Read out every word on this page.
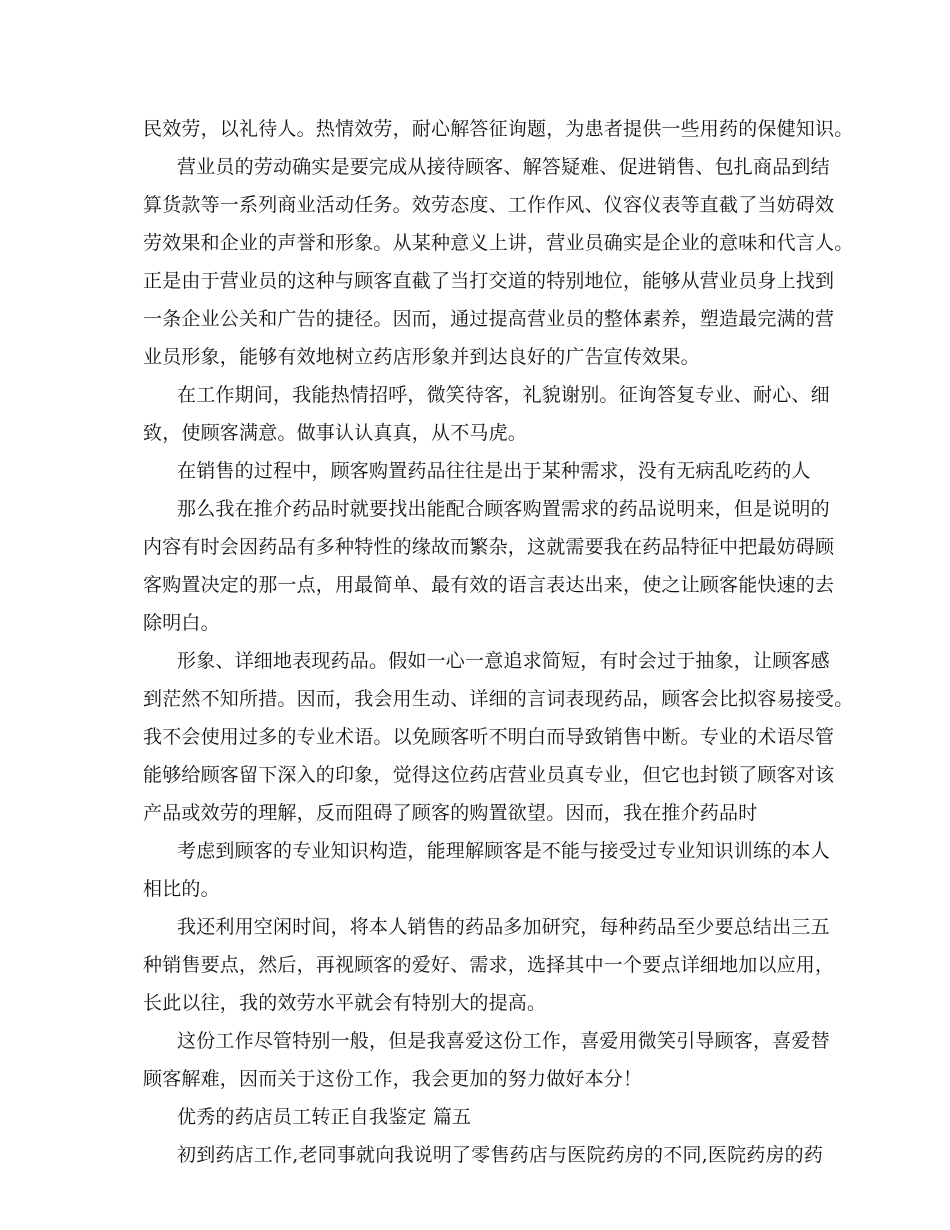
民效劳，以礼待人。热情效劳，耐心解答征询题，为患者提供一些用药的保健知识。
营业员的劳动确实是要完成从接待顾客、解答疑难、促进销售、包扎商品到结
算货款等一系列商业活动任务。效劳态度、工作作风、仪容仪表等直截了当妨碍效
劳效果和企业的声誉和形象。从某种意义上讲，营业员确实是企业的意味和代言人。
正是由于营业员的这种与顾客直截了当打交道的特别地位，能够从营业员身上找到
一条企业公关和广告的捷径。因而，通过提高营业员的整体素养，塑造最完满的营
业员形象，能够有效地树立药店形象并到达良好的广告宣传效果。
在工作期间，我能热情招呼，微笑待客，礼貌谢别。征询答复专业、耐心、细
致，使顾客满意。做事认认真真，从不马虎。
在销售的过程中，顾客购置药品往往是出于某种需求，没有无病乱吃药的人
那么我在推介药品时就要找出能配合顾客购置需求的药品说明来，但是说明的
内容有时会因药品有多种特性的缘故而繁杂，这就需要我在药品特征中把最妨碍顾
客购置决定的那一点，用最简单、最有效的语言表达出来，使之让顾客能快速的去
除明白。
形象、详细地表现药品。假如一心一意追求简短，有时会过于抽象，让顾客感
到茫然不知所措。因而，我会用生动、详细的言词表现药品，顾客会比拟容易接受。
我不会使用过多的专业术语。以免顾客听不明白而导致销售中断。专业的术语尽管
能够给顾客留下深入的印象，觉得这位药店营业员真专业，但它也封锁了顾客对该
产品或效劳的理解，反而阻碍了顾客的购置欲望。因而，我在推介药品时
考虑到顾客的专业知识构造，能理解顾客是不能与接受过专业知识训练的本人
相比的。
我还利用空闲时间，将本人销售的药品多加研究，每种药品至少要总结出三五
种销售要点，然后，再视顾客的爱好、需求，选择其中一个要点详细地加以应用，
长此以往，我的效劳水平就会有特别大的提高。
这份工作尽管特别一般，但是我喜爱这份工作，喜爱用微笑引导顾客，喜爱替
顾客解难，因而关于这份工作，我会更加的努力做好本分！
优秀的药店员工转正自我鉴定 篇五
初到药店工作,老同事就向我说明了零售药店与医院药房的不同,医院药房的药
